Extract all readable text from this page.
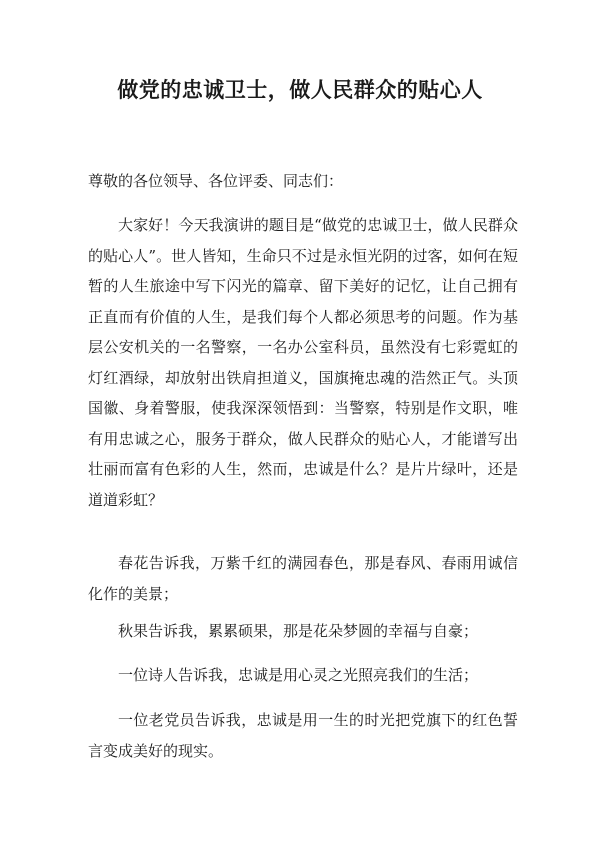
做党的忠诚卫士，做人民群众的贴心人
尊敬的各位领导、各位评委、同志们：

大家好！今天我演讲的题目是“做党的忠诚卫士，做人民群众的贴心人”。世人皆知，生命只不过是永恒光阴的过客，如何在短暂的人生旅途中写下闪光的篇章、留下美好的记忆，让自己拥有正直而有价值的人生，是我们每个人都必须思考的问题。作为基层公安机关的一名警察，一名办公室科员，虽然没有七彩霓虹的灯红酒绿，却放射出铁肩担道义，国旗掩忠魂的浩然正气。头顶国徽、身着警服，使我深深领悟到：当警察，特别是作文职，唯有用忠诚之心，服务于群众，做人民群众的贴心人，才能谱写出壮丽而富有色彩的人生，然而，忠诚是什么？是片片绿叶，还是道道彩虹？

春花告诉我，万紫千红的满园春色，那是春风、春雨用诚信化作的美景；

秋果告诉我，累累硕果，那是花朵梦圆的幸福与自豪；

一位诗人告诉我，忠诚是用心灵之光照亮我们的生活；

一位老党员告诉我，忠诚是用一生的时光把党旗下的红色誓言变成美好的现实。
